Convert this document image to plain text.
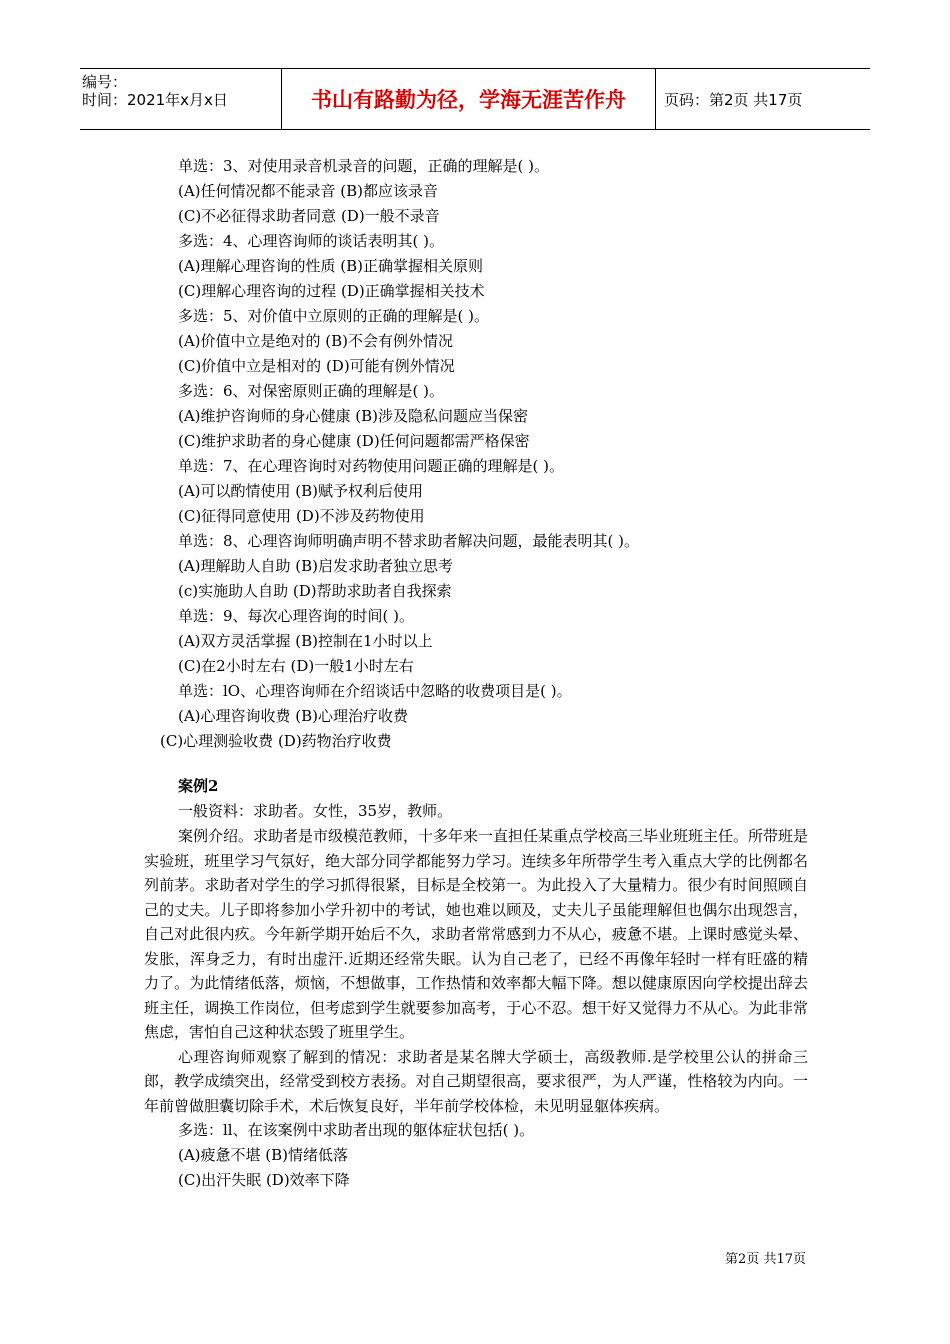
编号：
时间：2021年x月x日	书山有路勤为径，学海无涯苦作舟	页码：第2页 共17页
单选：3、对使用录音机录音的问题，正确的理解是( )。
(A)任何情况都不能录音 (B)都应该录音
(C)不必征得求助者同意 (D)一般不录音
多选：4、心理咨询师的谈话表明其( )。
(A)理解心理咨询的性质 (B)正确掌握相关原则
(C)理解心理咨询的过程 (D)正确掌握相关技术
多选：5、对价值中立原则的正确的理解是( )。
(A)价值中立是绝对的 (B)不会有例外情况
(C)价值中立是相对的 (D)可能有例外情况
多选：6、对保密原则正确的理解是( )。
(A)维护咨询师的身心健康 (B)涉及隐私问题应当保密
(C)维护求助者的身心健康 (D)任何问题都需严格保密
单选：7、在心理咨询时对药物使用问题正确的理解是( )。
(A)可以酌情使用 (B)赋予权利后使用
(C)征得同意使用 (D)不涉及药物使用
单选：8、心理咨询师明确声明不替求助者解决问题，最能表明其( )。
(A)理解助人自助 (B)启发求助者独立思考
(c)实施助人自助 (D)帮助求助者自我探索
单选：9、每次心理咨询的时间( )。
(A)双方灵活掌握 (B)控制在1小时以上
(C)在2小时左右 (D)一般1小时左右
单选：lO、心理咨询师在介绍谈话中忽略的收费项目是( )。
(A)心理咨询收费 (B)心理治疗收费
(C)心理测验收费 (D)药物治疗收费
案例2
一般资料：求助者。女性，35岁，教师。

案例介绍。求助者是市级模范教师，十多年来一直担任某重点学校高三毕业班班主任。所带班是实验班，班里学习气氛好，绝大部分同学都能努力学习。连续多年所带学生考入重点大学的比例都名列前茅。求助者对学生的学习抓得很紧，目标是全校第一。为此投入了大量精力。很少有时间照顾自己的丈夫。儿子即将参加小学升初中的考试，她也难以顾及，丈夫儿子虽能理解但也偶尔出现怨言，自己对此很内疚。今年新学期开始后不久，求助者常常感到力不从心，疲惫不堪。上课时感觉头晕、发胀，浑身乏力，有时出虚汗.近期还经常失眠。认为自己老了，已经不再像年轻时一样有旺盛的精力了。为此情绪低落，烦恼，不想做事，工作热情和效率都大幅下降。想以健康原因向学校提出辞去班主任，调换工作岗位，但考虑到学生就要参加高考，于心不忍。想干好又觉得力不从心。为此非常焦虑，害怕自己这种状态毁了班里学生。

心理咨询师观察了解到的情况：求助者是某名牌大学硕士，高级教师.是学校里公认的拼命三郎，教学成绩突出，经常受到校方表扬。对自己期望很高，要求很严，为人严谨，性格较为内向。一年前曾做胆囊切除手术，术后恢复良好，半年前学校体检，未见明显躯体疾病。

多选：ll、在该案例中求助者出现的躯体症状包括( )。
(A)疲惫不堪 (B)情绪低落
(C)出汗失眠 (D)效率下降
第2页 共17页
